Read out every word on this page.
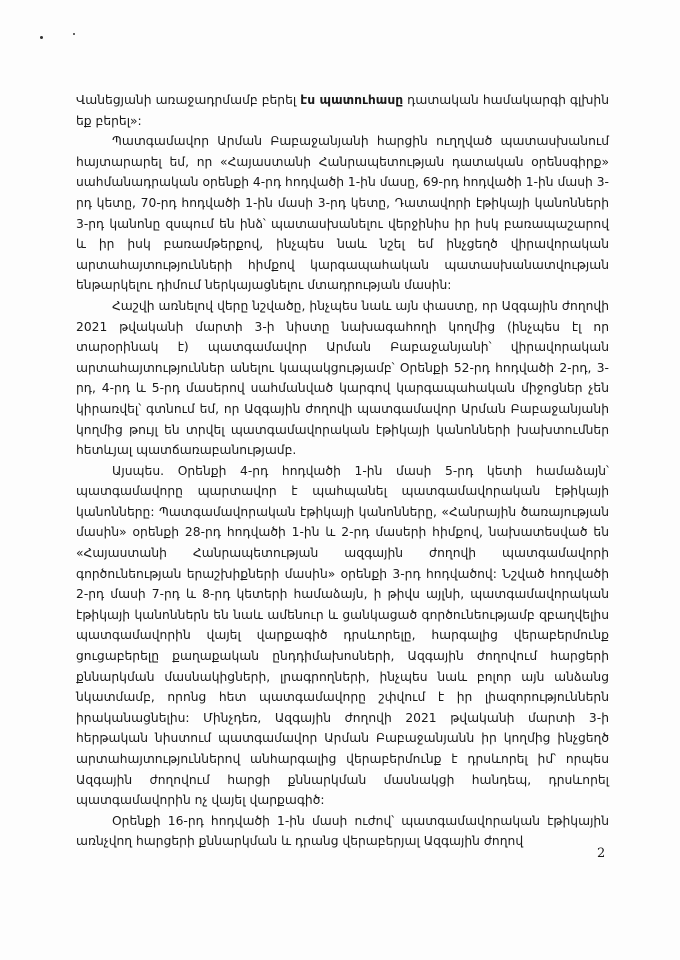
Վանեցյանի առաջադրմամբ բերել էս պատուհասը դատական համակարգի գլխին եք բերել»:

Պատգամավոր Արման Բաբաջանյանի հարցին ուղղված պատասխանում հայտարարել եմ, որ «Հայաստանի Հանրապետության դատական օրենսգիրք» սահմանադրական օրենքի 4-րդ հոդվածի 1-ին մասը, 69-րդ հոդվածի 1-ին մասի 3-րդ կետը, 70-րդ հոդվածի 1-ին մասի 3-րդ կետը, Դատավորի էթիկայի կանոնների 3-րդ կանոնը զսպում են ինձ՝ պատասխանելու վերջինիս իր իսկ բառապաշարով և իր իսկ բառամթերքով, ինչպես նաև նշել եմ ինչցեղծ վիրավորական արտահայտությունների հիմքով կարգապահական պատասխանատվության ենթարկելու դիմում ներկայացնելու մտադրության մասին:

Հաշվի առնելով վերը նշվածը, ինչպես նաև այն փաստը, որ Ազգային ժողովի 2021 թվականի մարտի 3-ի նիստը նախագահողի կողմից (ինչպես էլ որ տարօրինակ է) պատգամավոր Արման Բաբաջանյանի՝ վիրավորական արտահայտություններ անելու կապակցությամբ՝ Օրենքի 52-րդ հոդվածի 2-րդ, 3-րդ, 4-րդ և 5-րդ մասերով սահմանված կարգով կարգապահական միջոցներ չեն կիրառվել՝ գտնում եմ, որ Ազգային ժողովի պատգամավոր Արման Բաբաջանյանի կողմից թույլ են տրվել պատգամավորական էթիկայի կանոնների խախտումներ հետևյալ պատճառաբանությամբ.

Այսպես. Օրենքի 4-րդ հոդվածի 1-ին մասի 5-րդ կետի համաձայն՝ պատգամավորը պարտավոր է պահպանել պատգամավորական էթիկայի կանոնները: Պատգամավորական էթիկայի կանոնները, «Հանրային ծառայության մասին» օրենքի 28-րդ հոդվածի 1-ին և 2-րդ մասերի հիմքով, նախատեսված են «Հայաստանի Հանրապետության ազգային ժողովի պատգամավորի գործունեության երաշխիքների մասին» օրենքի 3-րդ հոդվածով: Նշված հոդվածի 2-րդ մասի 7-րդ և 8-րդ կետերի համաձայն, ի թիվս այլնի, պատգամավորական էթիկայի կանոններն են նաև ամենուր և ցանկացած գործունեությամբ զբաղվելիս պատգամավորին վայել վարքագիծ դրսևորելը, հարգալից վերաբերմունք ցուցաբերելը քաղաքական ընդդիմախոսների, Ազգային ժողովում հարցերի քննարկման մասնակիցների, լրագրողների, ինչպես նաև բոլոր այն անձանց նկատմամբ, որոնց հետ պատգամավորը շփվում է իր լիազորություններն իրականացնելիս: Մինչդեռ, Ազգային ժողովի 2021 թվականի մարտի 3-ի հերթական նիստում պատգամավոր Արման Բաբաջանյանն իր կողմից ինչցեղծ արտահայտություններով անհարգալից վերաբերմունք է դրսևորել իմ՝ որպես Ազգային ժողովում հարցի քննարկման մասնակցի հանդեպ, դրսևորել պատգամավորին ոչ վայել վարքագիծ:

Օրենքի 16-րդ հոդվածի 1-ին մասի ուժով՝ պատգամավորական էթիկային առնչվող հարցերի քննարկման և դրանց վերաբերյալ Ազգային ժողով

2
